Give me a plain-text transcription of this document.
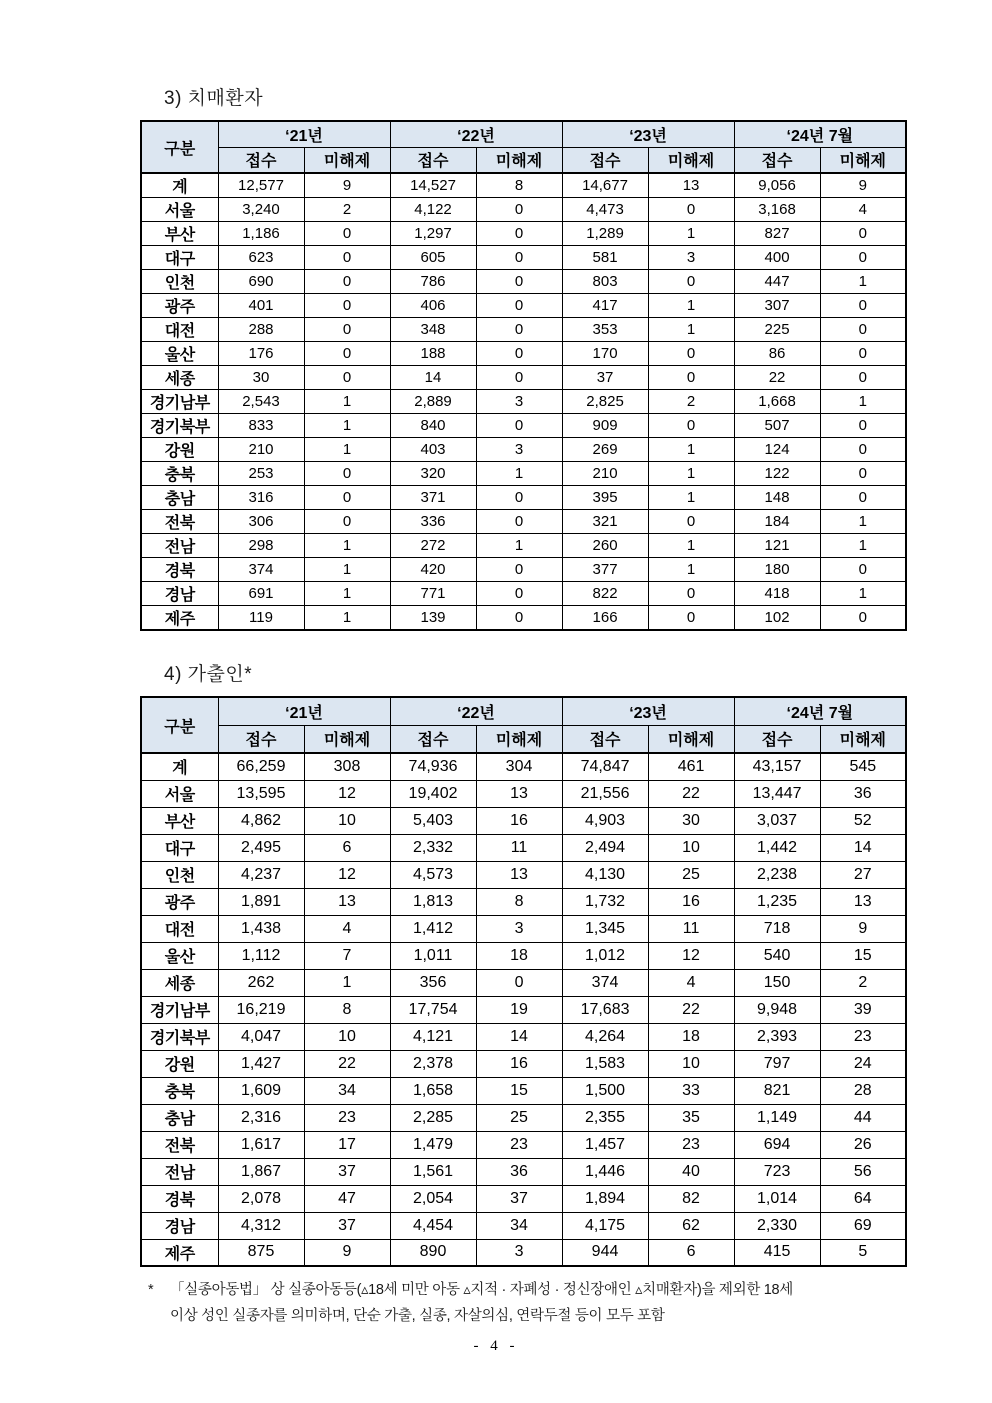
3) 치매환자
구분	‘21년		‘22년		‘23년		‘24년 7월	
	접수	미해제	접수	미해제	접수	미해제	접수	미해제
계	12,577	9	14,527	8	14,677	13	9,056	9
서울	3,240	2	4,122	0	4,473	0	3,168	4
부산	1,186	0	1,297	0	1,289	1	827	0
대구	623	0	605	0	581	3	400	0
인천	690	0	786	0	803	0	447	1
광주	401	0	406	0	417	1	307	0
대전	288	0	348	0	353	1	225	0
울산	176	0	188	0	170	0	86	0
세종	30	0	14	0	37	0	22	0
경기남부	2,543	1	2,889	3	2,825	2	1,668	1
경기북부	833	1	840	0	909	0	507	0
강원	210	1	403	3	269	1	124	0
충북	253	0	320	1	210	1	122	0
충남	316	0	371	0	395	1	148	0
전북	306	0	336	0	321	0	184	1
전남	298	1	272	1	260	1	121	1
경북	374	1	420	0	377	1	180	0
경남	691	1	771	0	822	0	418	1
제주	119	1	139	0	166	0	102	0
4) 가출인*
구분	‘21년		‘22년		‘23년		‘24년 7월	
	접수	미해제	접수	미해제	접수	미해제	접수	미해제
계	66,259	308	74,936	304	74,847	461	43,157	545
서울	13,595	12	19,402	13	21,556	22	13,447	36
부산	4,862	10	5,403	16	4,903	30	3,037	52
대구	2,495	6	2,332	11	2,494	10	1,442	14
인천	4,237	12	4,573	13	4,130	25	2,238	27
광주	1,891	13	1,813	8	1,732	16	1,235	13
대전	1,438	4	1,412	3	1,345	11	718	9
울산	1,112	7	1,011	18	1,012	12	540	15
세종	262	1	356	0	374	4	150	2
경기남부	16,219	8	17,754	19	17,683	22	9,948	39
경기북부	4,047	10	4,121	14	4,264	18	2,393	23
강원	1,427	22	2,378	16	1,583	10	797	24
충북	1,609	34	1,658	15	1,500	33	821	28
충남	2,316	23	2,285	25	2,355	35	1,149	44
전북	1,617	17	1,479	23	1,457	23	694	26
전남	1,867	37	1,561	36	1,446	40	723	56
경북	2,078	47	2,054	37	1,894	82	1,014	64
경남	4,312	37	4,454	34	4,175	62	2,330	69
제주	875	9	890	3	944	6	415	5
*	「실종아동법」 상 실종아동등(▵18세 미만 아동 ▵지적 · 자폐성 · 정신장애인 ▵치매환자)을 제외한 18세
이상 성인 실종자를 의미하며, 단순 가출, 실종, 자살의심, 연락두절 등이 모두 포함
- 4 -
